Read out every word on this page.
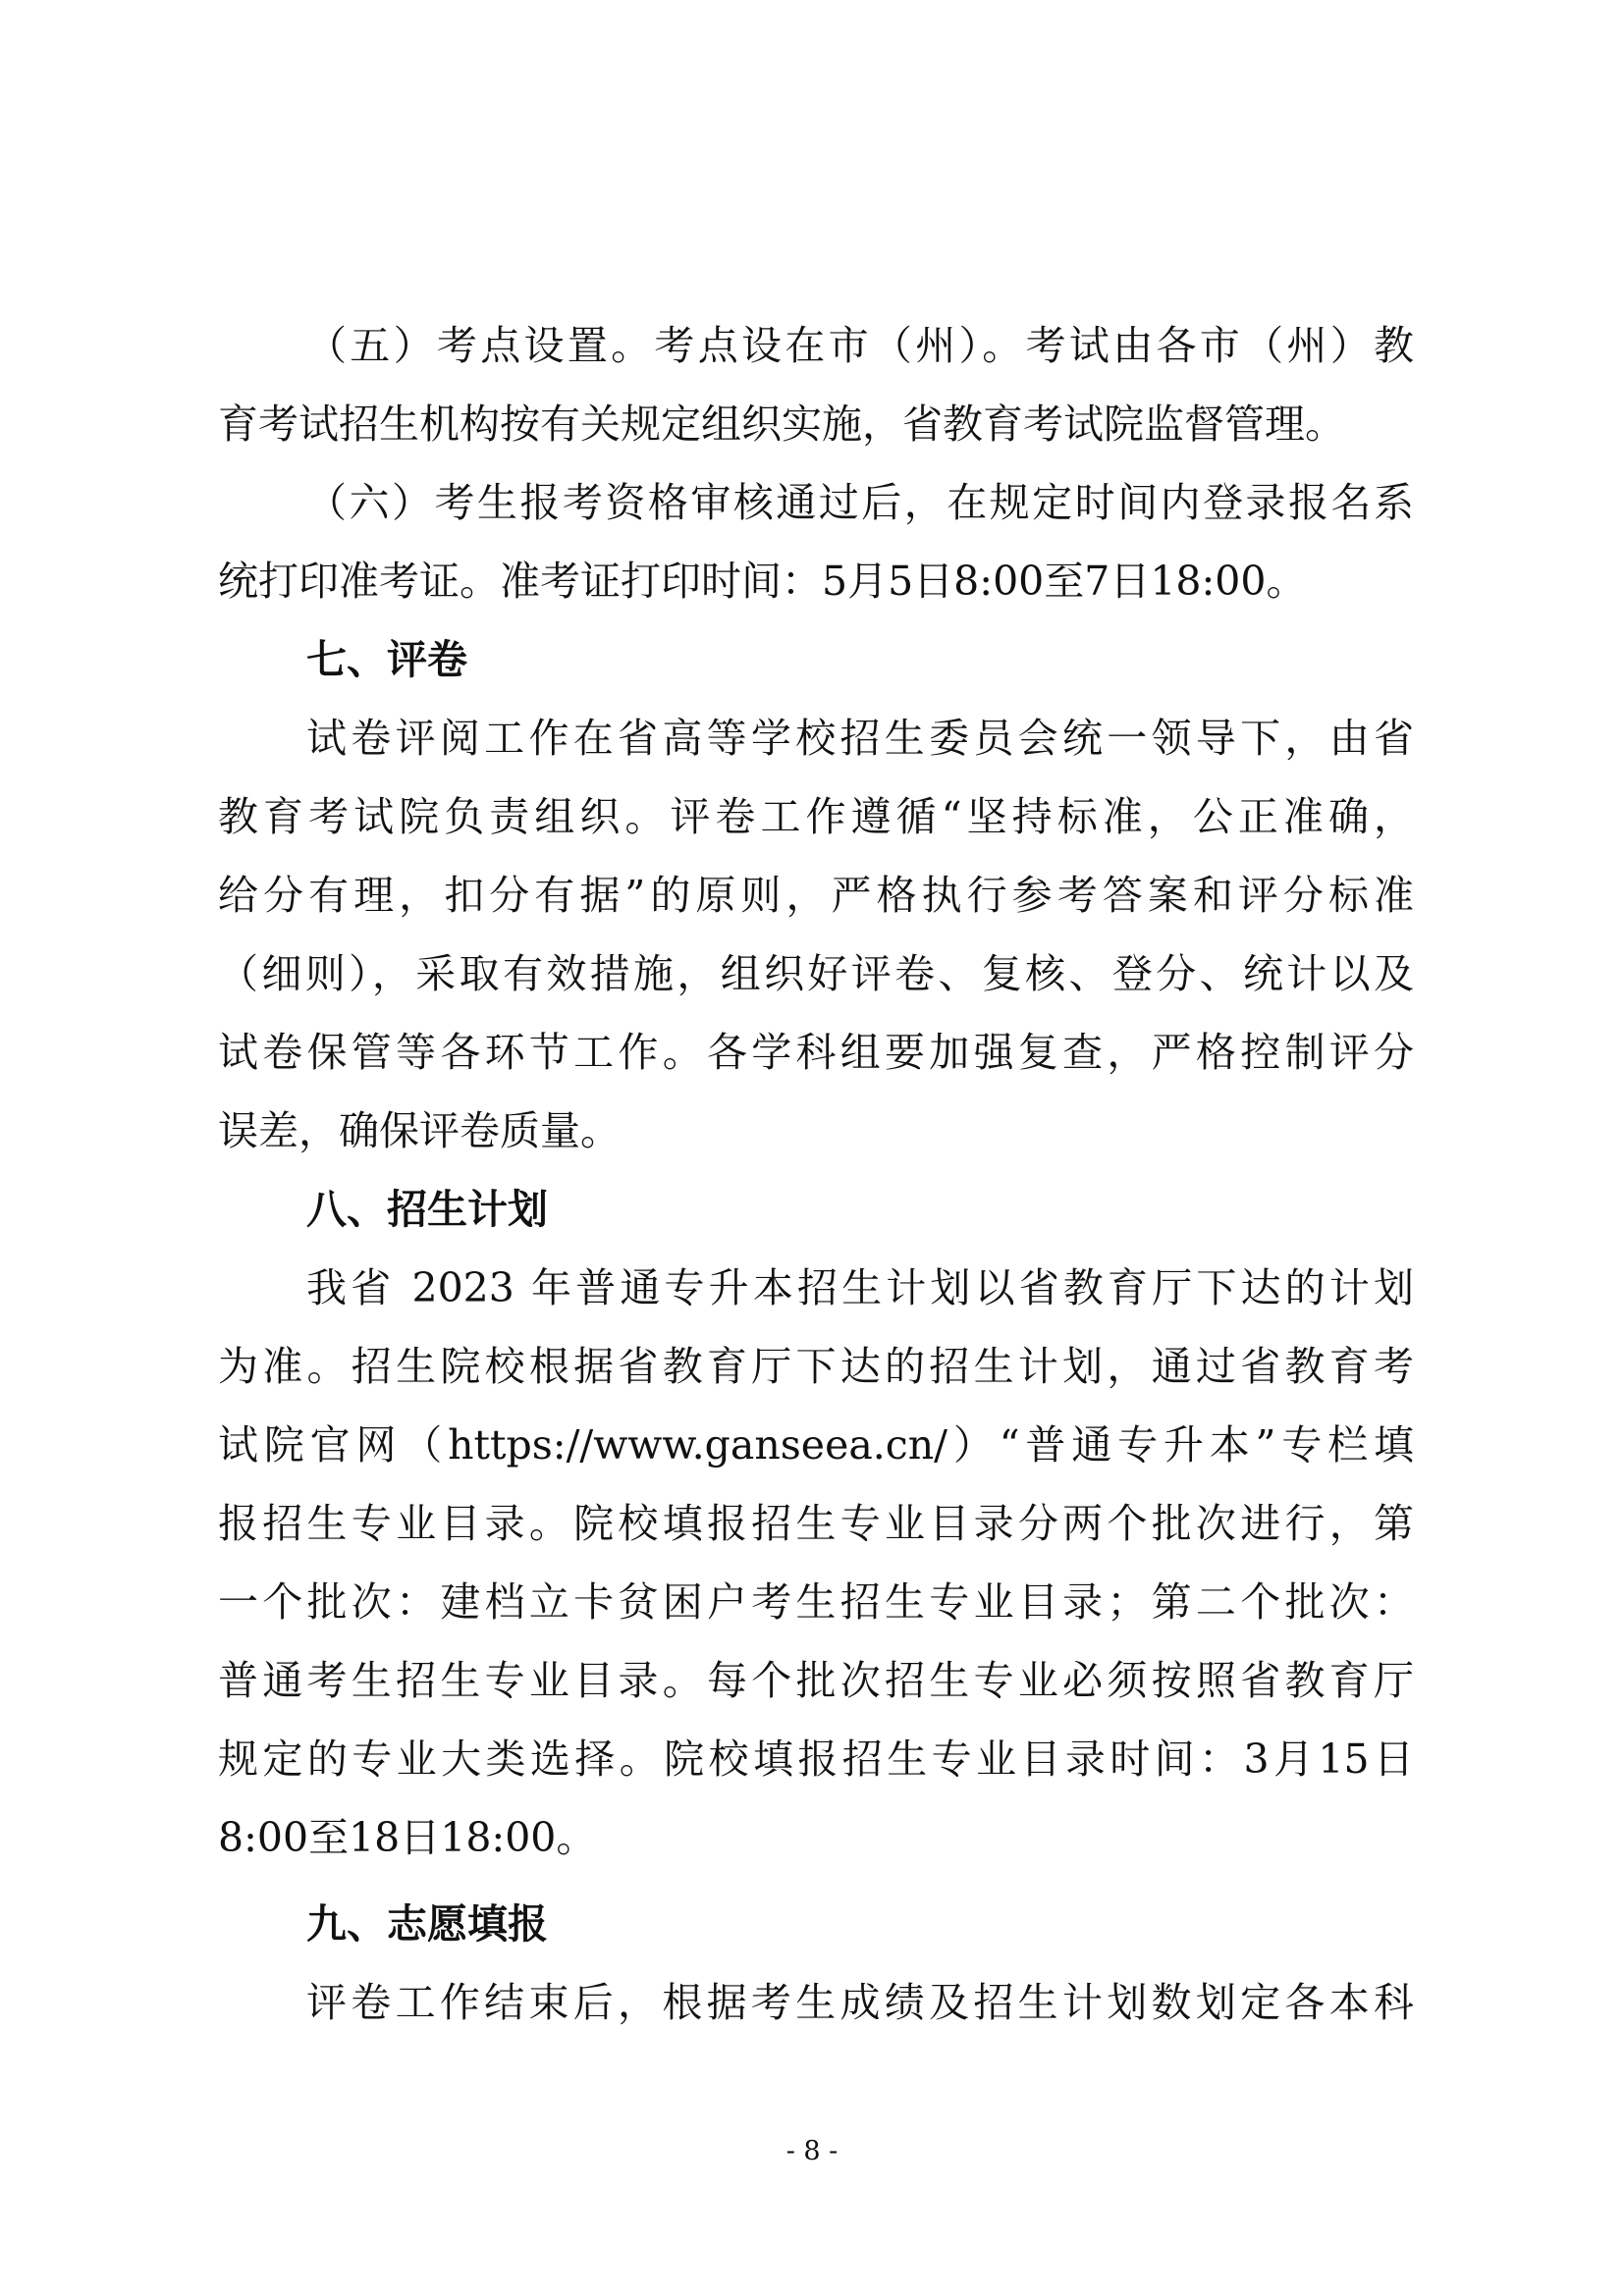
（五）考点设置。考点设在市（州）。考试由各市（州）教
育考试招生机构按有关规定组织实施，省教育考试院监督管理。
（六）考生报考资格审核通过后，在规定时间内登录报名系
统打印准考证。准考证打印时间：5月5日8:00至7日18:00。
七、评卷
试卷评阅工作在省高等学校招生委员会统一领导下，由省
教育考试院负责组织。评卷工作遵循“坚持标准，公正准确，
给分有理，扣分有据”的原则，严格执行参考答案和评分标准
（细则），采取有效措施，组织好评卷、复核、登分、统计以及
试卷保管等各环节工作。各学科组要加强复查，严格控制评分
误差，确保评卷质量。
八、招生计划
我省 2023 年普通专升本招生计划以省教育厅下达的计划
为准。招生院校根据省教育厅下达的招生计划，通过省教育考
试院官网（https://www.ganseea.cn/）“普通专升本”专栏填
报招生专业目录。院校填报招生专业目录分两个批次进行，第
一个批次：建档立卡贫困户考生招生专业目录；第二个批次：
普通考生招生专业目录。每个批次招生专业必须按照省教育厅
规定的专业大类选择。院校填报招生专业目录时间：3月15日
8:00至18日18:00。
九、志愿填报
评卷工作结束后，根据考生成绩及招生计划数划定各本科
- 8 -
